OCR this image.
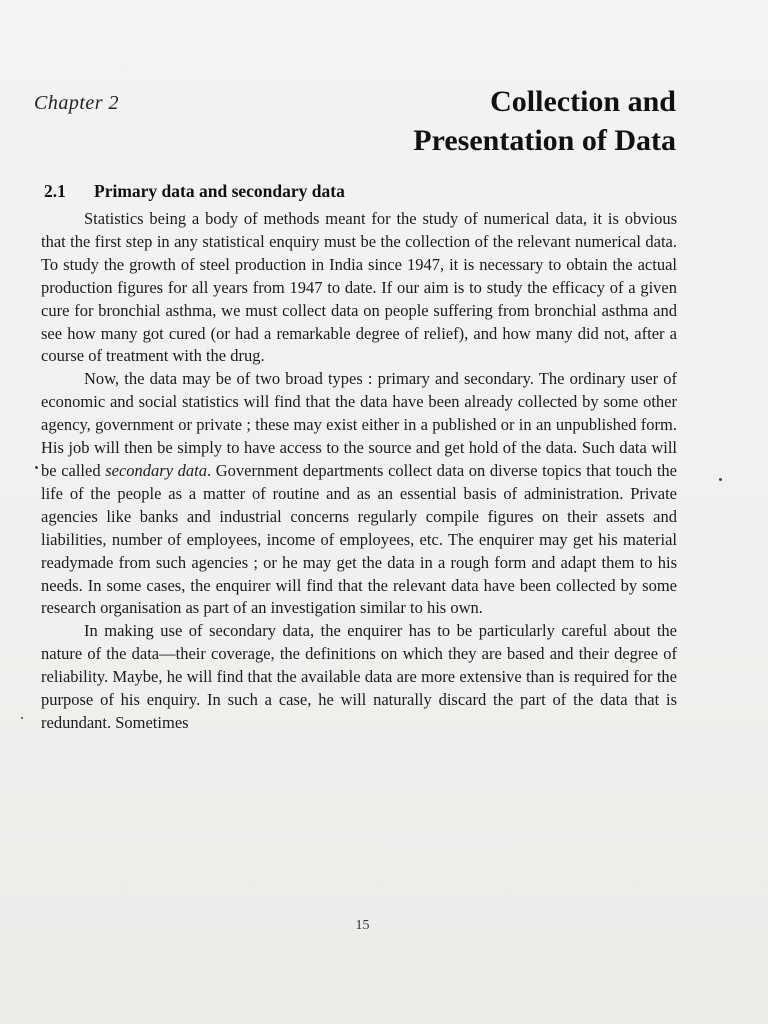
Chapter 2	Collection and
Presentation of Data
2.1 Primary data and secondary data

Statistics being a body of methods meant for the study of numerical data, it is obvious that the first step in any statistical enquiry must be the collection of the relevant numerical data. To study the growth of steel production in India since 1947, it is necessary to obtain the actual production figures for all years from 1947 to date. If our aim is to study the efficacy of a given cure for bronchial asthma, we must collect data on people suffering from bronchial asthma and see how many got cured (or had a remarkable degree of relief), and how many did not, after a course of treatment with the drug.

Now, the data may be of two broad types : primary and secondary. The ordinary user of economic and social statistics will find that the data have been already collected by some other agency, government or private ; these may exist either in a published or in an unpublished form. His job will then be simply to have access to the source and get hold of the data. Such data will be called secondary data. Government departments collect data on diverse topics that touch the life of the people as a matter of routine and as an essential basis of administration. Private agencies like banks and industrial concerns regularly compile figures on their assets and liabilities, number of employees, income of employees, etc. The enquirer may get his material readymade from such agencies ; or he may get the data in a rough form and adapt them to his needs. In some cases, the enquirer will find that the relevant data have been collected by some research organisation as part of an investigation similar to his own.

In making use of secondary data, the enquirer has to be particularly careful about the nature of the data—their coverage, the definitions on which they are based and their degree of reliability. Maybe, he will find that the available data are more extensive than is required for the purpose of his enquiry. In such a case, he will naturally discard the part of the data that is redundant. Sometimes

15
